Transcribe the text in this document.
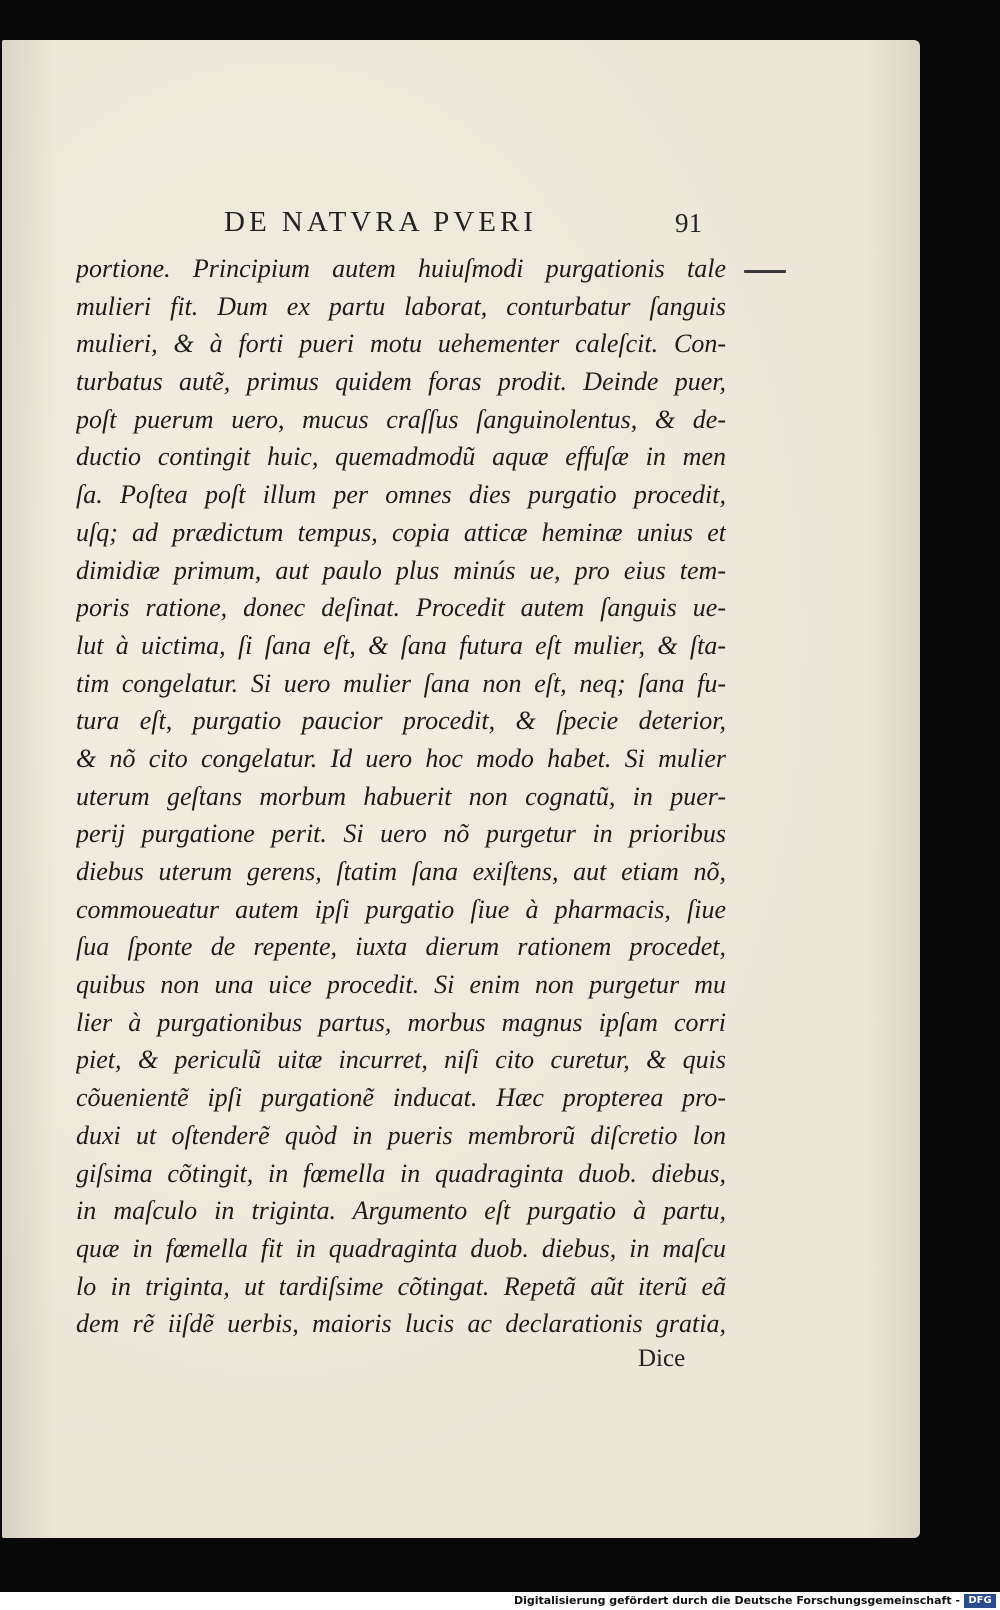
DE NATVRA PVERI	91
portione. Principium autem huiuſmodi purgationis tale
mulieri fit. Dum ex partu laborat, conturbatur ſanguis
mulieri, & à forti pueri motu uehementer caleſcit. Con-
turbatus autẽ, primus quidem foras prodit. Deinde puer,
poſt puerum uero, mucus craſſus ſanguinolentus, & de-
ductio contingit huic, quemadmodũ aquæ effuſæ in men
ſa. Poſtea poſt illum per omnes dies purgatio procedit,
uſq; ad prædictum tempus, copia atticæ heminæ unius et
dimidiæ primum, aut paulo plus minús ue, pro eius tem-
poris ratione, donec deſinat. Procedit autem ſanguis ue-
lut à uictima, ſi ſana eſt, & ſana futura eſt mulier, & ſta-
tim congelatur. Si uero mulier ſana non eſt, neq; ſana fu-
tura eſt, purgatio paucior procedit, & ſpecie deterior,
& nõ cito congelatur. Id uero hoc modo habet. Si mulier
uterum geſtans morbum habuerit non cognatũ, in puer-
perij purgatione perit. Si uero nõ purgetur in prioribus
diebus uterum gerens, ſtatim ſana exiſtens, aut etiam nõ,
commoueatur autem ipſi purgatio ſiue à pharmacis, ſiue
ſua ſponte de repente, iuxta dierum rationem procedet,
quibus non una uice procedit. Si enim non purgetur mu
lier à purgationibus partus, morbus magnus ipſam corri
piet, & periculũ uitæ incurret, niſi cito curetur, & quis
cõuenientẽ ipſi purgationẽ inducat. Hæc propterea pro-
duxi ut oſtenderẽ quòd in pueris membrorũ diſcretio lon
giſsima cõtingit, in fœmella in quadraginta duob. diebus,
in maſculo in triginta. Argumento eſt purgatio à partu,
quæ in fœmella fit in quadraginta duob. diebus, in maſcu
lo in triginta, ut tardiſsime cõtingat. Repetã aũt iterũ eã
dem rẽ iiſdẽ uerbis, maioris lucis ac declarationis gratia,
Dice
Digitalisierung gefördert durch die Deutsche Forschungsgemeinschaft - DFG
